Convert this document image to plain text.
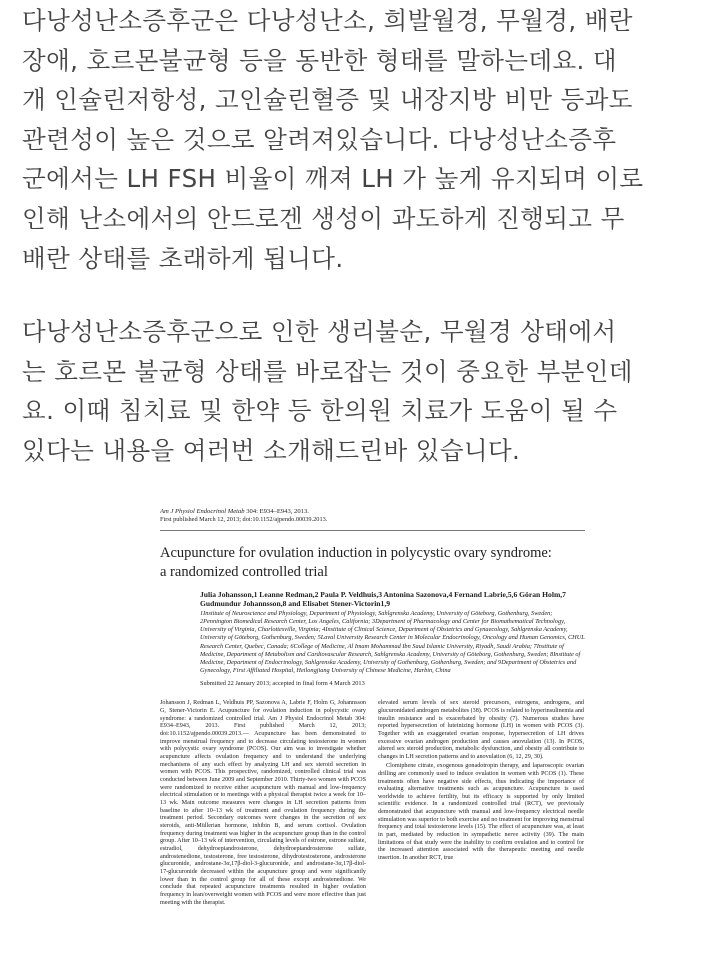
다낭성난소증후군은 다낭성난소, 희발월경, 무월경, 배란

장애, 호르몬불균형 등을 동반한 형태를 말하는데요. 대

개 인슐린저항성, 고인슐린혈증 및 내장지방 비만 등과도

관련성이 높은 것으로 알려져있습니다. 다낭성난소증후

군에서는 LH FSH 비율이 깨져 LH 가 높게 유지되며 이로

인해 난소에서의 안드로겐 생성이 과도하게 진행되고 무

배란 상태를 초래하게 됩니다.

다낭성난소증후군으로 인한 생리불순, 무월경 상태에서

는 호르몬 불균형 상태를 바로잡는 것이 중요한 부분인데

요. 이때 침치료 및 한약 등 한의원 치료가 도움이 될 수

있다는 내용을 여러번 소개해드린바 있습니다.

Am J Physiol Endocrinol Metab 304: E934–E943, 2013.
First published March 12, 2013; doi:10.1152/ajpendo.00039.2013.
Acupuncture for ovulation induction in polycystic ovary syndrome:
a randomized controlled trial
Julia Johansson,1 Leanne Redman,2 Paula P. Veldhuis,3 Antonina Sazonova,4 Fernand Labrie,5,6 Göran Holm,7 Gudmundur Johannsson,8 and Elisabet Stener-Victorin1,9
1Institute of Neuroscience and Physiology, Department of Physiology, Sahlgrenska Academy, University of Göteborg, Gothenburg, Sweden; 2Pennington Biomedical Research Center, Los Angeles, California; 3Department of Pharmacology and Center for Biomathematical Technology, University of Virginia, Charlottesville, Virginia; 4Institute of Clinical Science, Department of Obstetrics and Gynaecology, Sahlgrenska Academy, University of Göteborg, Gothenburg, Sweden; 5Laval University Research Center in Molecular Endocrinology, Oncology and Human Genomics, CHUL Research Center, Quebec, Canada; 6College of Medicine, Al Imam Mohammad Ibn Saud Islamic University, Riyadh, Saudi Arabia; 7Institute of Medicine, Department of Metabolism and Cardiovascular Research, Sahlgrenska Academy, University of Göteborg, Gothenburg, Sweden; 8Institute of Medicine, Department of Endocrinology, Sahlgrenska Academy, University of Gothenburg, Gothenburg, Sweden; and 9Department of Obstetrics and Gynecology, First Affiliated Hospital, Heilongjiang University of Chinese Medicine, Harbin, China
Submitted 22 January 2013; accepted in final form 4 March 2013

Johansson J, Redman L, Veldhuis PP, Sazonova A, Labrie F, Holm G, Johannsson G, Stener-Victorin E. Acupuncture for ovulation induction in polycystic ovary syndrome: a randomized controlled trial. Am J Physiol Endocrinol Metab 304: E934–E943, 2013. First published March 12, 2013; doi:10.1152/ajpendo.00039.2013.— Acupuncture has been demonstrated to improve menstrual frequency and to decrease circulating testosterone in women with polycystic ovary syndrome (PCOS). Our aim was to investigate whether acupuncture affects ovulation frequency and to understand the underlying mechanisms of any such effect by analyzing LH and sex steroid secretion in women with PCOS. This prospective, randomized, controlled clinical trial was conducted between June 2009 and September 2010. Thirty-two women with PCOS were randomized to receive either acupuncture with manual and low-frequency electrical stimulation or to meetings with a physical therapist twice a week for 10–13 wk. Main outcome measures were changes in LH secretion patterns from baseline to after 10–13 wk of treatment and ovulation frequency during the treatment period. Secondary outcomes were changes in the secretion of sex steroids, anti-Müllerian hormone, inhibin B, and serum cortisol. Ovulation frequency during treatment was higher in the acupuncture group than in the control group. After 10–13 wk of intervention, circulating levels of estrone, estrone sulfate, estradiol, dehydroepiandrosterone, dehydroepiandrosterone sulfate, androstenedione, testosterone, free testosterone, dihydrotestosterone, androsterone glucuronide, androstane-3α,17β-diol-3-glucuronide, and androstane-3α,17β-diol-17-glucuronide decreased within the acupuncture group and were significantly lower than in the control group for all of these except androstenedione. We conclude that repeated acupuncture treatments resulted in higher ovulation frequency in lean/overweight women with PCOS and were more effective than just meeting with the therapist.

elevated serum levels of sex steroid precursors, estrogens, androgens, and glucuronidated androgen metabolites (38). PCOS is related to hyperinsulinemia and insulin resistance and is exacerbated by obesity (7). Numerous studies have reported hypersecretion of luteinizing hormone (LH) in women with PCOS (3). Together with an exaggerated ovarian response, hypersecretion of LH drives excessive ovarian androgen production and causes anovulation (13). In PCOS, altered sex steroid production, metabolic dysfunction, and obesity all contribute to changes in LH secretion patterns and to anovulation (6, 12, 29, 30).

Clomiphene citrate, exogenous gonadotropin therapy, and laparoscopic ovarian drilling are commonly used to induce ovulation in women with PCOS (1). These treatments often have negative side effects, thus indicating the importance of evaluating alternative treatments such as acupuncture. Acupuncture is used worldwide to achieve fertility, but its efficacy is supported by only limited scientific evidence. In a randomized controlled trial (RCT), we previously demonstrated that acupuncture with manual and low-frequency electrical needle stimulation was superior to both exercise and no treatment for improving menstrual frequency and total testosterone levels (15). The effect of acupuncture was, at least in part, mediated by reduction in sympathetic nerve activity (39). The main limitations of that study were the inability to confirm ovulation and to control for the increased attention associated with the therapeutic meeting and needle insertion. In another RCT, true
